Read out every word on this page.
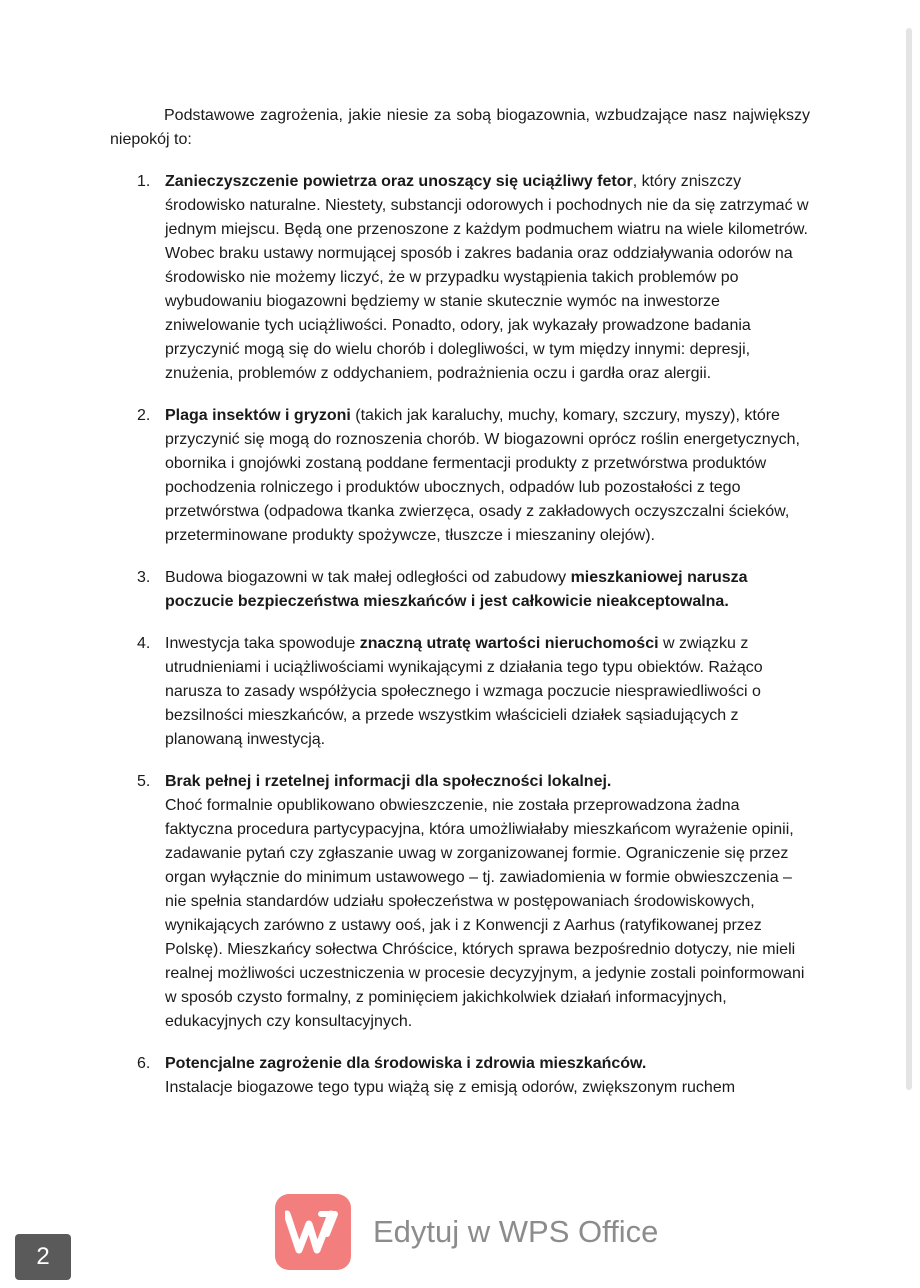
Podstawowe zagrożenia, jakie niesie za sobą biogazownia, wzbudzające nasz największy niepokój to:

1. Zanieczyszczenie powietrza oraz unoszący się uciążliwy fetor, który zniszczy środowisko naturalne. Niestety, substancji odorowych i pochodnych nie da się zatrzymać w jednym miejscu. Będą one przenoszone z każdym podmuchem wiatru na wiele kilometrów. Wobec braku ustawy normującej sposób i zakres badania oraz oddziaływania odorów na środowisko nie możemy liczyć, że w przypadku wystąpienia takich problemów po wybudowaniu biogazowni będziemy w stanie skutecznie wymóc na inwestorze zniwelowanie tych uciążliwości. Ponadto, odory, jak wykazały prowadzone badania przyczynić mogą się do wielu chorób i dolegliwości, w tym między innymi: depresji, znużenia, problemów z oddychaniem, podrażnienia oczu i gardła oraz alergii.
2. Plaga insektów i gryzoni (takich jak karaluchy, muchy, komary, szczury, myszy), które przyczynić się mogą do roznoszenia chorób. W biogazowni oprócz roślin energetycznych, obornika i gnojówki zostaną poddane fermentacji produkty z przetwórstwa produktów pochodzenia rolniczego i produktów ubocznych, odpadów lub pozostałości z tego przetwórstwa (odpadowa tkanka zwierzęca, osady z zakładowych oczyszczalni ścieków, przeterminowane produkty spożywcze, tłuszcze i mieszaniny olejów).
3. Budowa biogazowni w tak małej odległości od zabudowy mieszkaniowej narusza poczucie bezpieczeństwa mieszkańców i jest całkowicie nieakceptowalna.
4. Inwestycja taka spowoduje znaczną utratę wartości nieruchomości w związku z utrudnieniami i uciążliwościami wynikającymi z działania tego typu obiektów. Rażąco narusza to zasady współżycia społecznego i wzmaga poczucie niesprawiedliwości o bezsilności mieszkańców, a przede wszystkim właścicieli działek sąsiadujących z planowaną inwestycją.
5. Brak pełnej i rzetelnej informacji dla społeczności lokalnej.
Choć formalnie opublikowano obwieszczenie, nie została przeprowadzona żadna faktyczna procedura partycypacyjna, która umożliwiałaby mieszkańcom wyrażenie opinii, zadawanie pytań czy zgłaszanie uwag w zorganizowanej formie. Ograniczenie się przez organ wyłącznie do minimum ustawowego – tj. zawiadomienia w formie obwieszczenia – nie spełnia standardów udziału społeczeństwa w postępowaniach środowiskowych, wynikających zarówno z ustawy ooś, jak i z Konwencji z Aarhus (ratyfikowanej przez Polskę). Mieszkańcy sołectwa Chróścice, których sprawa bezpośrednio dotyczy, nie mieli realnej możliwości uczestniczenia w procesie decyzyjnym, a jedynie zostali poinformowani w sposób czysto formalny, z pominięciem jakichkolwiek działań informacyjnych, edukacyjnych czy konsultacyjnych.
6. Potencjalne zagrożenie dla środowiska i zdrowia mieszkańców.
Instalacje biogazowe tego typu wiążą się z emisją odorów, zwiększonym ruchem
Edytuj w WPS Office
2
